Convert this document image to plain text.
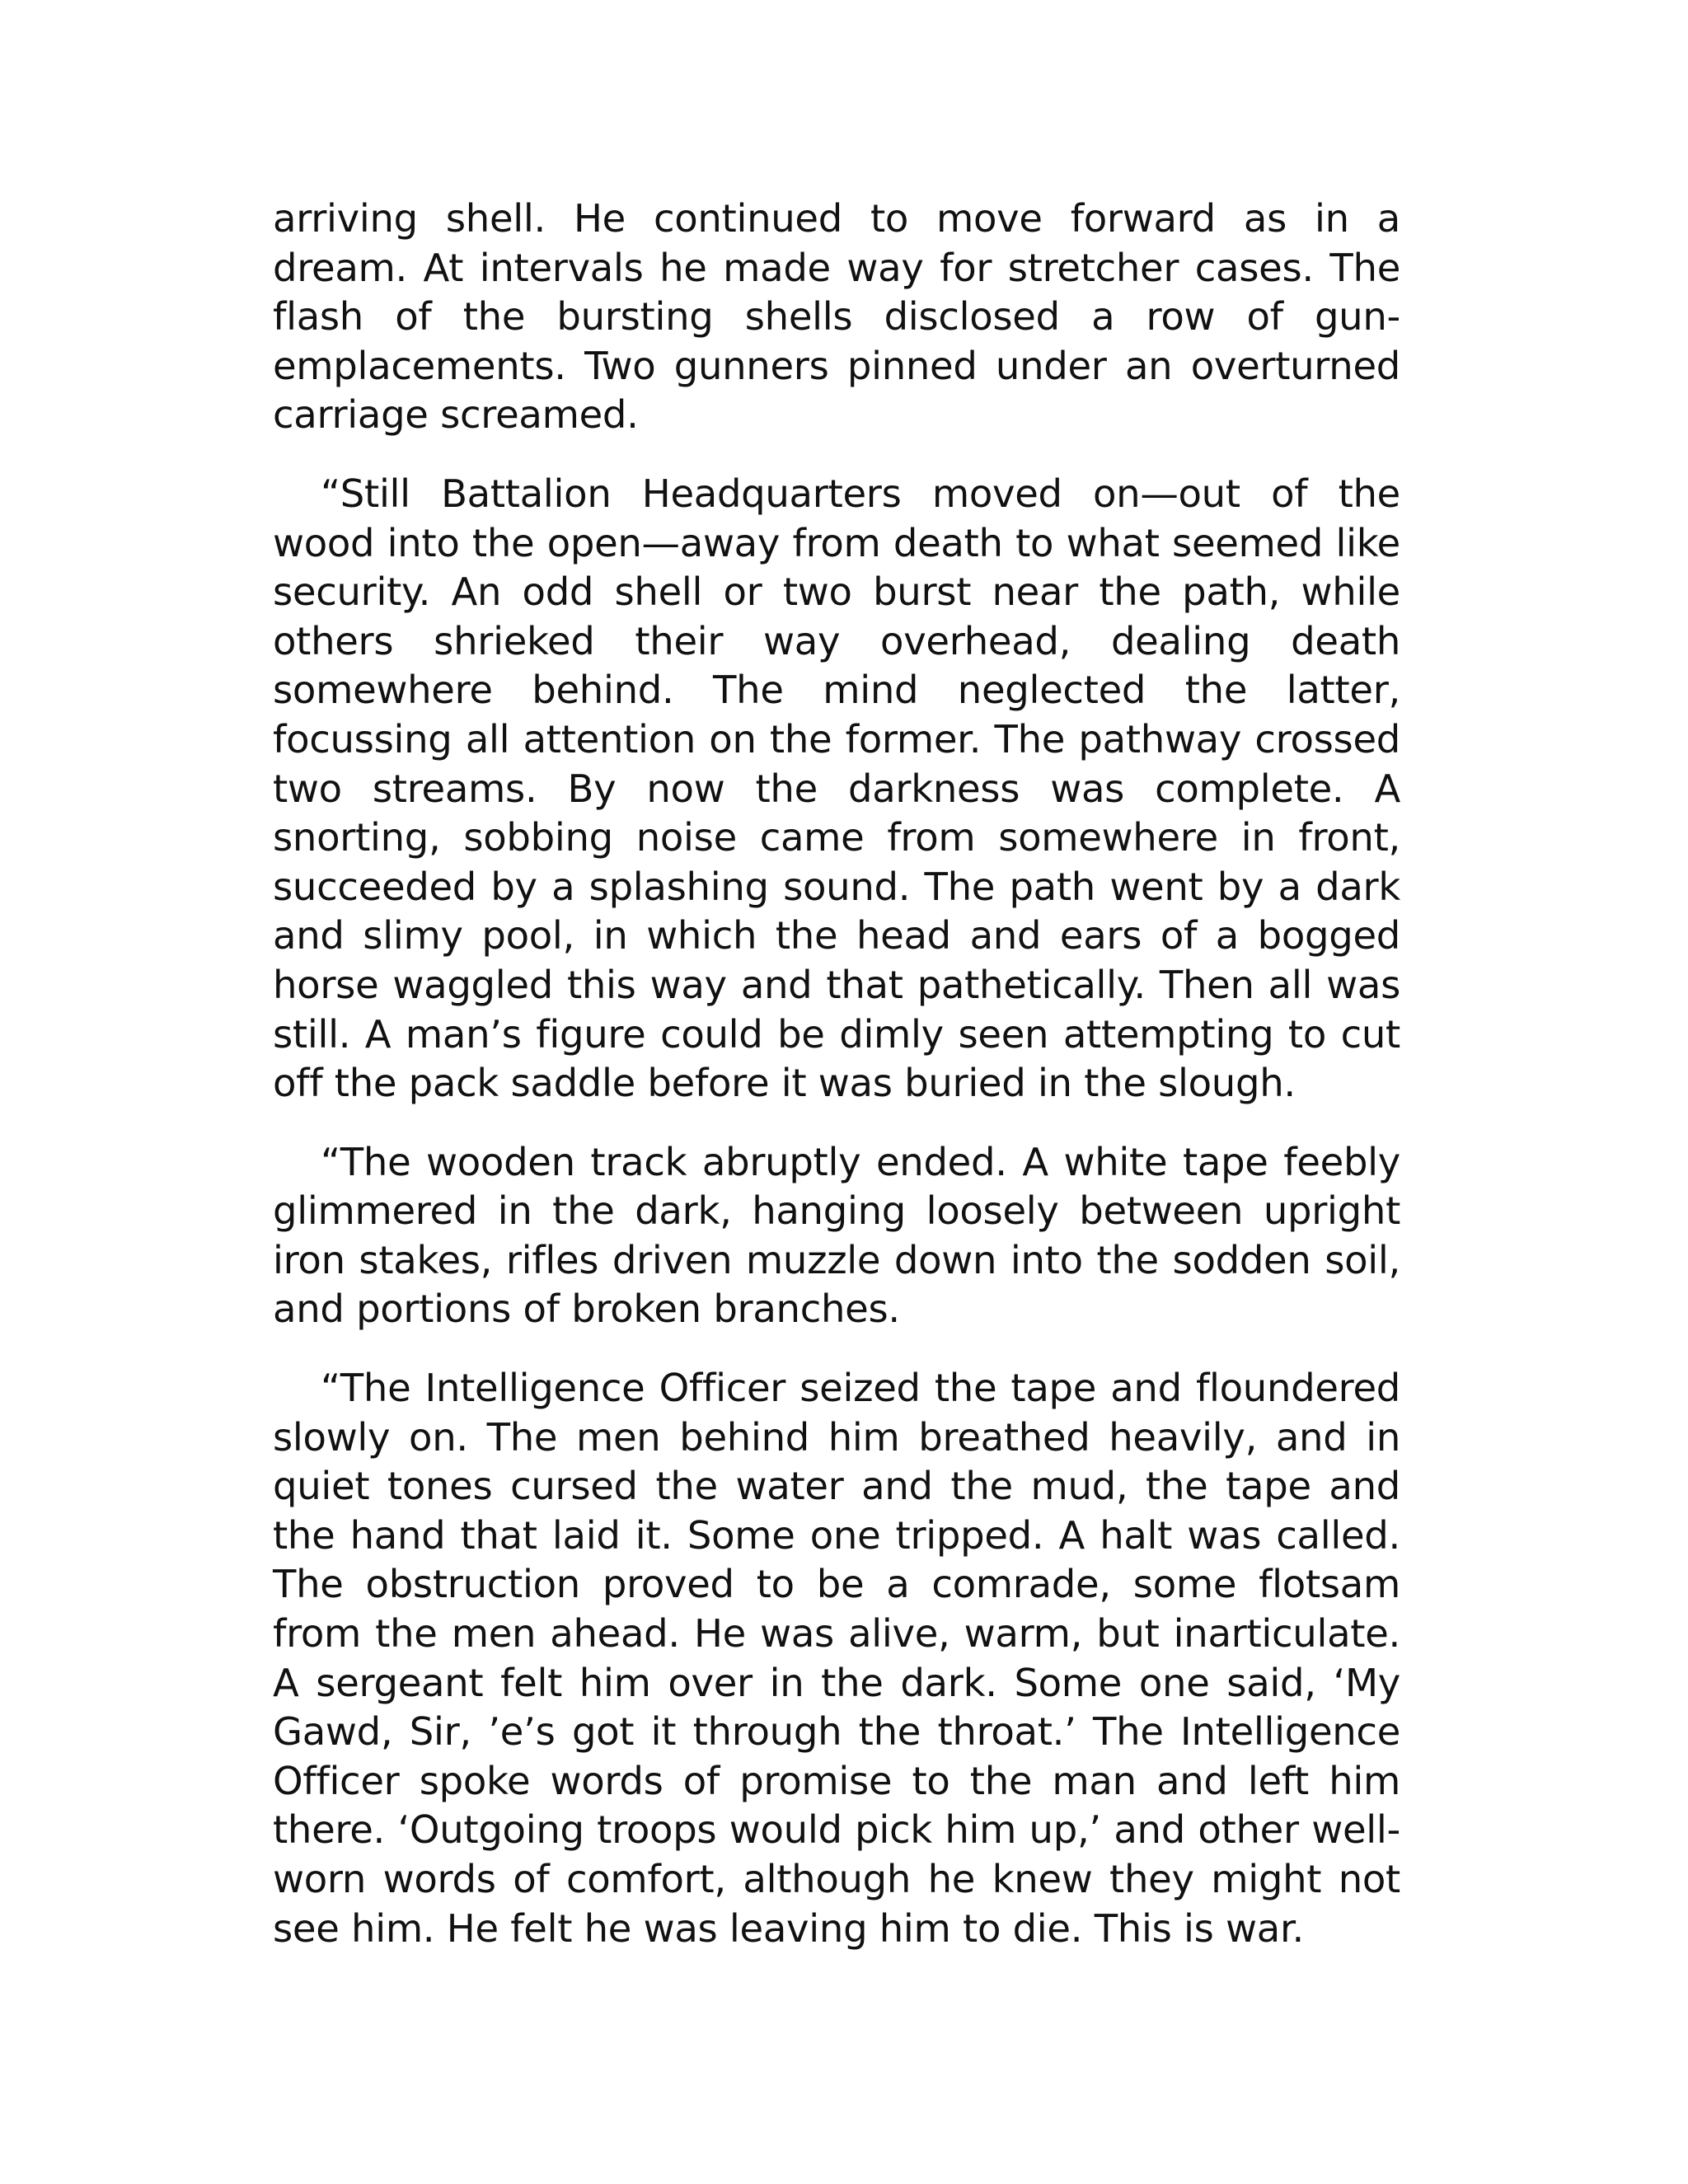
arriving shell. He continued to move forward as in a dream. At intervals he made way for stretcher cases. The flash of the bursting shells disclosed a row of gun-emplacements. Two gunners pinned under an overturned carriage screamed.

“Still Battalion Headquarters moved on—out of the wood into the open—away from death to what seemed like security. An odd shell or two burst near the path, while others shrieked their way overhead, dealing death somewhere behind. The mind neglected the latter, focussing all attention on the former. The pathway crossed two streams. By now the darkness was complete. A snorting, sobbing noise came from somewhere in front, succeeded by a splashing sound. The path went by a dark and slimy pool, in which the head and ears of a bogged horse waggled this way and that pathetically. Then all was still. A man’s figure could be dimly seen attempting to cut off the pack saddle before it was buried in the slough.

“The wooden track abruptly ended. A white tape feebly glimmered in the dark, hanging loosely between upright iron stakes, rifles driven muzzle down into the sodden soil, and portions of broken branches.

“The Intelligence Officer seized the tape and floundered slowly on. The men behind him breathed heavily, and in quiet tones cursed the water and the mud, the tape and the hand that laid it. Some one tripped. A halt was called. The obstruction proved to be a comrade, some flotsam from the men ahead. He was alive, warm, but inarticulate. A sergeant felt him over in the dark. Some one said, ‘My Gawd, Sir, ’e’s got it through the throat.’ The Intelligence Officer spoke words of promise to the man and left him there. ‘Outgoing troops would pick him up,’ and other well-worn words of comfort, although he knew they might not see him. He felt he was leaving him to die. This is war.
